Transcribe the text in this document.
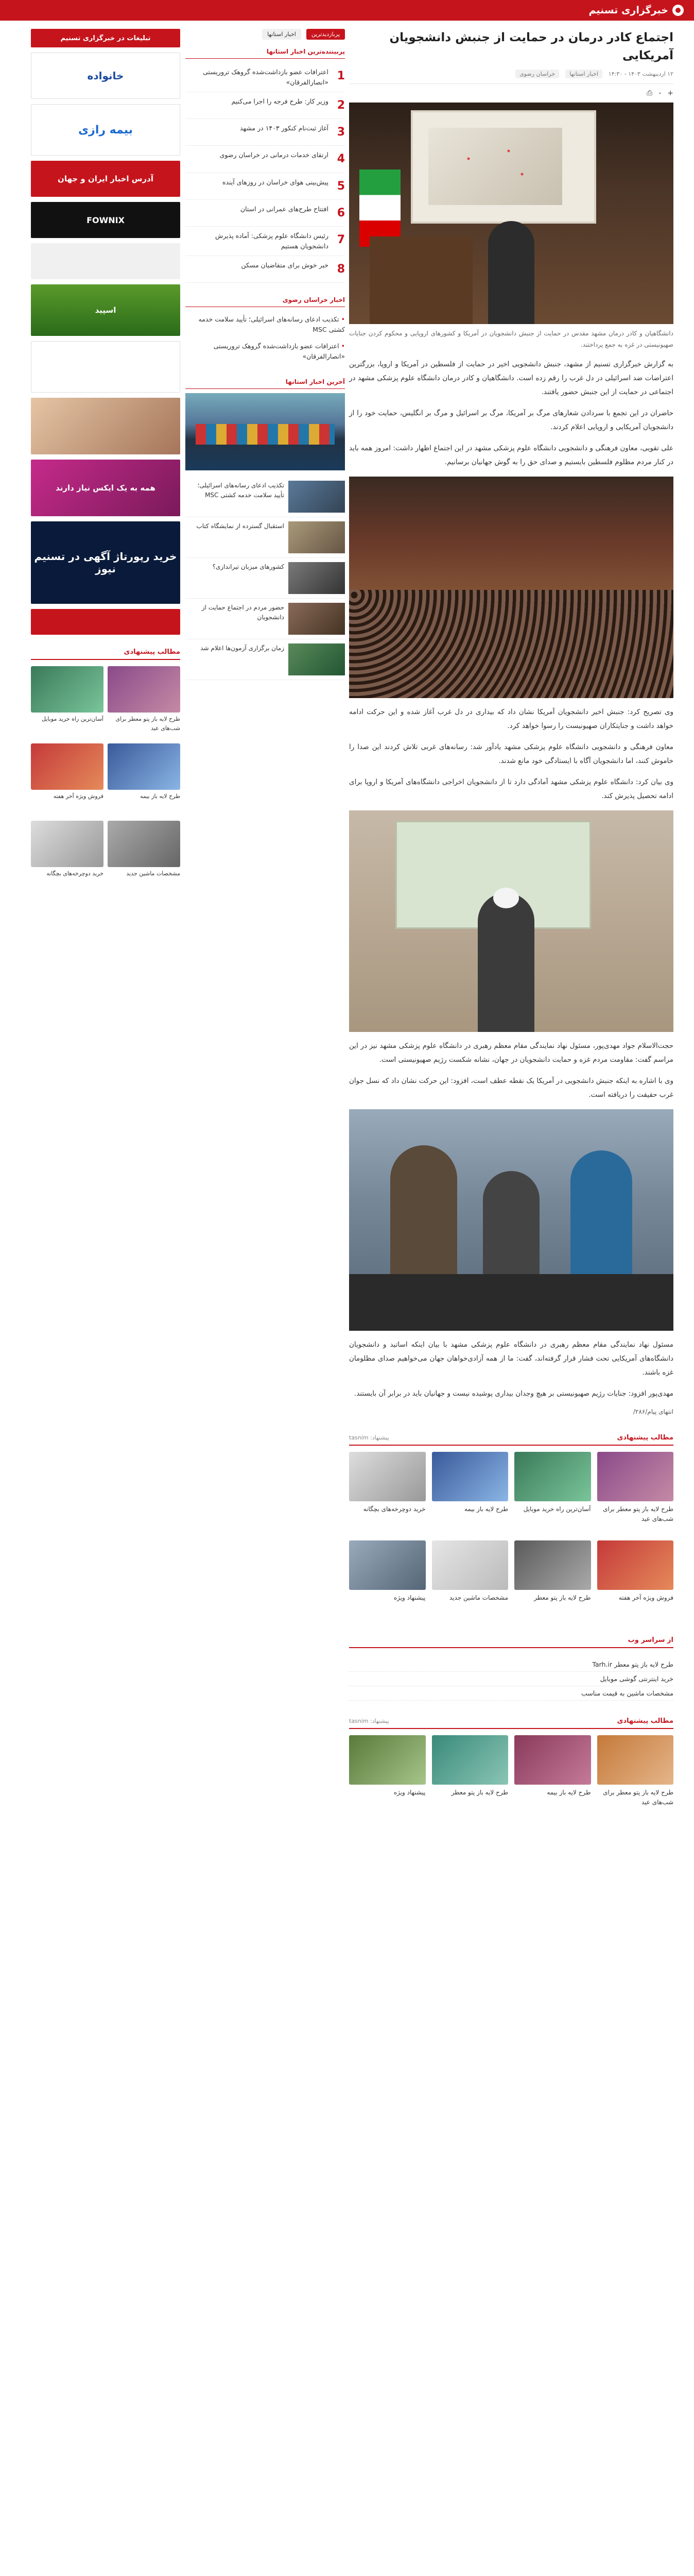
خبرگزاری تسنیم
اجتماع کادر درمان در حمایت از جنبش دانشجویان آمریکایی
۱۲ اردیبهشت ۱۴۰۳ - ۱۴:۳۰
اخبار استانها
خراسان رضوی
+
-
⎙
دانشگاهیان و کادر درمان مشهد مقدس در حمایت از جنبش دانشجویان در آمریکا و کشورهای اروپایی و محکوم کردن جنایات صهیونیستی در غزه به جمع پرداختند.

به گزارش خبرگزاری تسنیم از مشهد، جنبش دانشجویی اخیر در حمایت از فلسطین در آمریکا و اروپا، بزرگترین اعتراضات ضد اسرائیلی در دل غرب را رقم زده است. دانشگاهیان و کادر درمان دانشگاه علوم پزشکی مشهد در اجتماعی در حمایت از این جنبش حضور یافتند.

حاضران در این تجمع با سردادن شعارهای مرگ بر آمریکا، مرگ بر اسرائیل و مرگ بر انگلیس، حمایت خود را از دانشجویان آمریکایی و اروپایی اعلام کردند.

علی تقویی، معاون فرهنگی و دانشجویی دانشگاه علوم پزشکی مشهد در این اجتماع اظهار داشت: امروز همه باید در کنار مردم مظلوم فلسطین بایستیم و صدای حق را به گوش جهانیان برسانیم.

وی تصریح کرد: جنبش اخیر دانشجویان آمریکا نشان داد که بیداری در دل غرب آغاز شده و این حرکت ادامه خواهد داشت و جنایتکاران صهیونیست را رسوا خواهد کرد.

معاون فرهنگی و دانشجویی دانشگاه علوم پزشکی مشهد یادآور شد: رسانه‌های غربی تلاش کردند این صدا را خاموش کنند، اما دانشجویان آگاه با ایستادگی خود مانع شدند.

وی بیان کرد: دانشگاه علوم پزشکی مشهد آمادگی دارد تا از دانشجویان اخراجی دانشگاه‌های آمریکا و اروپا برای ادامه تحصیل پذیرش کند.

حجت‌الاسلام جواد مهدی‌پور، مسئول نهاد نمایندگی مقام معظم رهبری در دانشگاه علوم پزشکی مشهد نیز در این مراسم گفت: مقاومت مردم غزه و حمایت دانشجویان در جهان، نشانه شکست رژیم صهیونیستی است.

وی با اشاره به اینکه جنبش دانشجویی در آمریکا یک نقطه عطف است، افزود: این حرکت نشان داد که نسل جوان غرب حقیقت را دریافته است.

مسئول نهاد نمایندگی مقام معظم رهبری در دانشگاه علوم پزشکی مشهد با بیان اینکه اساتید و دانشجویان دانشگاه‌های آمریکایی تحت فشار قرار گرفته‌اند، گفت: ما از همه آزادی‌خواهان جهان می‌خواهیم صدای مظلومان غزه باشند.

مهدی‌پور افزود: جنایات رژیم صهیونیستی بر هیچ وجدان بیداری پوشیده نیست و جهانیان باید در برابر آن بایستند.

انتهای پیام/۲۸۶/
مطالب پیشنهادی
پیشنهاد: tasnim
طرح لایه باز پتو معطر برای شب‌های عید
آسان‌ترین راه خرید موبایل
طرح لایه باز بیمه
خرید دوچرخه‌های بچگانه
فروش ویژه آخر هفته
طرح لایه باز پتو معطر
مشخصات ماشین جدید
پیشنهاد ویژه
از سراسر وب
طرح لایه باز پتو معطر Tarh.ir
خرید اینترنتی گوشی موبایل
مشخصات ماشین به قیمت مناسب
مطالب پیشنهادی
پیشنهاد: tasnim
طرح لایه باز پتو معطر برای شب‌های عید
طرح لایه باز بیمه
طرح لایه باز پتو معطر
پیشنهاد ویژه
پربازدیدترین
اخبار استانها
پربیننده‌ترین اخبار استانها
1
اعترافات عضو بازداشت‌شده گروهک تروریستی «انصارالفرقان»
2
وزیر کار: طرح فرجه را اجرا می‌کنیم
3
آغاز ثبت‌نام کنکور ۱۴۰۳ در مشهد
4
ارتقای خدمات درمانی در خراسان رضوی
5
پیش‌بینی هوای خراسان در روزهای آینده
6
افتتاح طرح‌های عمرانی در استان
7
رئیس دانشگاه علوم پزشکی: آماده پذیرش دانشجویان هستیم
8
خبر خوش برای متقاضیان مسکن
اخبار خراسان رضوی
• تکذیب ادعای رسانه‌های اسرائیلی؛ تأیید سلامت خدمه کشتی MSC
• اعترافات عضو بازداشت‌شده گروهک تروریستی «انصارالفرقان»
آخرین اخبار استانها
تکذیب ادعای رسانه‌های اسرائیلی؛ تأیید سلامت خدمه کشتی MSC
استقبال گسترده از نمایشگاه کتاب
کشورهای میزبان تیراندازی؟
حضور مردم در اجتماع حمایت از دانشجویان
زمان برگزاری آزمون‌ها اعلام شد
تبلیغات در خبرگزاری تسنیم
خانواده
بیمه رازی
آدرس اخبار ایران و جهان
FOWNIX
اسپید
همه به یک ایکس نیاز دارند
خرید رپورتاژ آگهی در تسنیم نیوز
مطالب پیشنهادی
طرح لایه باز پتو معطر برای شب‌های عید
آسان‌ترین راه خرید موبایل
طرح لایه باز بیمه
فروش ویژه آخر هفته
مشخصات ماشین جدید
خرید دوچرخه‌های بچگانه
